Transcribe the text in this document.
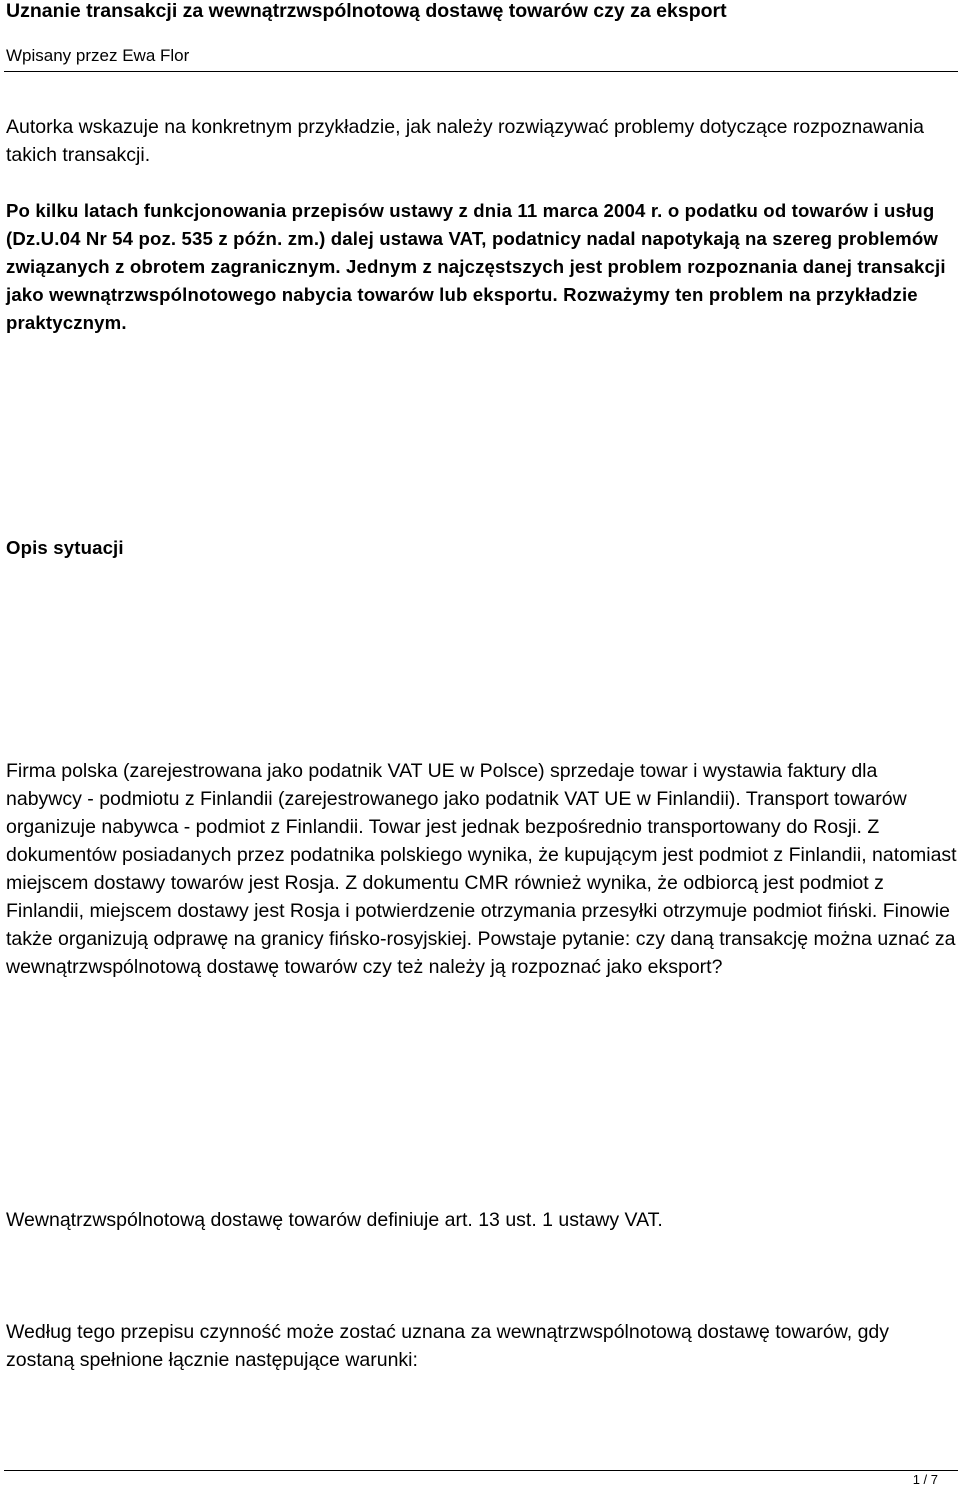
Uznanie transakcji za wewnątrzwspólnotową dostawę towarów czy za eksport
Wpisany przez Ewa Flor

Autorka wskazuje na konkretnym przykładzie, jak należy rozwiązywać problemy dotyczące rozpoznawania takich transakcji.

Po kilku latach funkcjonowania przepisów ustawy z dnia 11 marca 2004 r. o podatku od towarów i usług (Dz.U.04 Nr 54 poz. 535 z późn. zm.) dalej ustawa VAT, podatnicy nadal napotykają na szereg problemów związanych z obrotem zagranicznym. Jednym z najczęstszych jest problem rozpoznania danej transakcji jako wewnątrzwspólnotowego nabycia towarów lub eksportu. Rozważymy ten problem na przykładzie praktycznym.

Opis sytuacji

Firma polska (zarejestrowana jako podatnik VAT UE w Polsce) sprzedaje towar i wystawia faktury dla nabywcy - podmiotu z Finlandii (zarejestrowanego jako podatnik VAT UE w Finlandii). Transport towarów organizuje nabywca - podmiot z Finlandii. Towar jest jednak bezpośrednio transportowany do Rosji. Z dokumentów posiadanych przez podatnika polskiego wynika, że kupującym jest podmiot z Finlandii, natomiast miejscem dostawy towarów jest Rosja. Z dokumentu CMR również wynika, że odbiorcą jest podmiot z Finlandii, miejscem dostawy jest Rosja i potwierdzenie otrzymania przesyłki otrzymuje podmiot fiński. Finowie także organizują odprawę na granicy fińsko-rosyjskiej. Powstaje pytanie: czy daną transakcję można uznać za wewnątrzwspólnotową dostawę towarów czy też należy ją rozpoznać jako eksport?

Wewnątrzwspólnotową dostawę towarów definiuje art. 13 ust. 1 ustawy VAT.

Według tego przepisu czynność może zostać uznana za wewnątrzwspólnotową dostawę towarów, gdy zostaną spełnione łącznie następujące warunki:

1 / 7
